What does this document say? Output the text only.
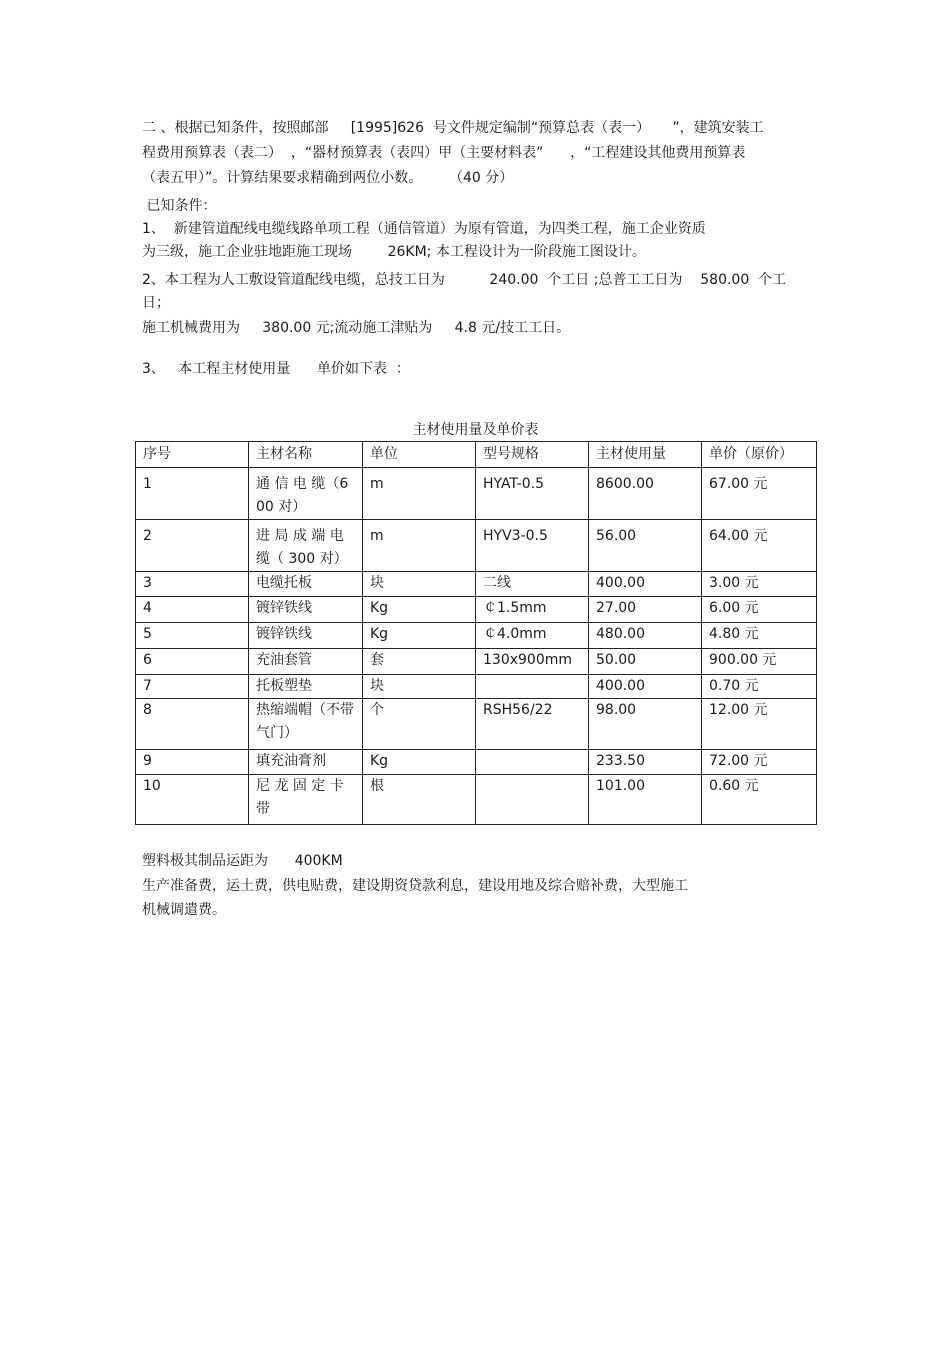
二 、根据已知条件，按照邮部     [1995]626  号文件规定编制“预算总表（表一）     ”，建筑安装工

程费用预算表（表二）  ，“器材预算表（表四）甲（主要材料表”      ，“工程建设其他费用预算表

（表五甲）”。计算结果要求精确到两位小数。      （40 分）

已知条件：

1、  新建管道配线电缆线路单项工程（通信管道）为原有管道，为四类工程，施工企业资质

为三级，施工企业驻地距施工现场        26KM; 本工程设计为一阶段施工图设计。

2、本工程为人工敷设管道配线电缆，总技工日为          240.00  个工日 ;总普工工日为    580.00  个工

日；

施工机械费用为     380.00 元;流动施工津贴为     4.8 元/技工工日。

3、   本工程主材使用量      单价如下表  ：

主材使用量及单价表
序号	主材名称	单位	型号规格	主材使用量	单价（原价）
1	通 信 电 缆（600 对）	m	HYAT-0.5	8600.00	67.00 元
2	进 局 成 端 电缆（ 300 对）	m	HYV3-0.5	56.00	64.00 元
3	电缆托板	块	二线	400.00	3.00 元
4	镀锌铁线	Kg	￠1.5mm	27.00	6.00 元
5	镀锌铁线	Kg	￠4.0mm	480.00	4.80 元
6	充油套管	套	130x900mm	50.00	900.00 元
7	托板塑垫	块		400.00	0.70 元
8	热缩端帽（不带气门）	个	RSH56/22	98.00	12.00 元
9	填充油膏剂	Kg		233.50	72.00 元
10	尼 龙 固 定 卡带	根		101.00	0.60 元

塑料极其制品运距为      400KM

生产准备费，运土费，供电贴费，建设期资贷款利息，建设用地及综合赔补费，大型施工

机械调遣费。
